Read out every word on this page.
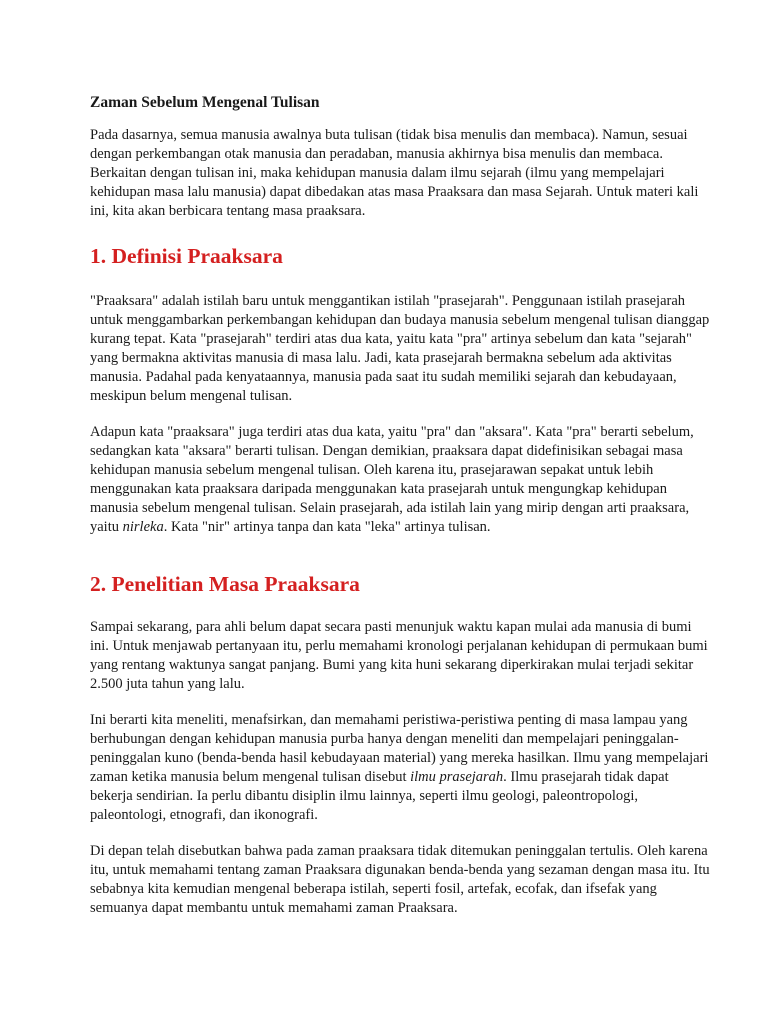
Zaman Sebelum Mengenal Tulisan

Pada dasarnya, semua manusia awalnya buta tulisan (tidak bisa menulis dan membaca). Namun, sesuai dengan perkembangan otak manusia dan peradaban, manusia akhirnya bisa menulis dan membaca. Berkaitan dengan tulisan ini, maka kehidupan manusia dalam ilmu sejarah (ilmu yang mempelajari kehidupan masa lalu manusia) dapat dibedakan atas masa Praaksara dan masa Sejarah. Untuk materi kali ini, kita akan berbicara tentang masa praaksara.

1. Definisi Praaksara

"Praaksara" adalah istilah baru untuk menggantikan istilah "prasejarah". Penggunaan istilah prasejarah untuk menggambarkan perkembangan kehidupan dan budaya manusia sebelum mengenal tulisan dianggap kurang tepat. Kata "prasejarah" terdiri atas dua kata, yaitu kata "pra" artinya sebelum dan kata "sejarah" yang bermakna aktivitas manusia di masa lalu. Jadi, kata prasejarah bermakna sebelum ada aktivitas manusia. Padahal pada kenyataannya, manusia pada saat itu sudah memiliki sejarah dan kebudayaan, meskipun belum mengenal tulisan.

Adapun kata "praaksara" juga terdiri atas dua kata, yaitu "pra" dan "aksara". Kata "pra" berarti sebelum, sedangkan kata "aksara" berarti tulisan. Dengan demikian, praaksara dapat didefinisikan sebagai masa kehidupan manusia sebelum mengenal tulisan. Oleh karena itu, prasejarawan sepakat untuk lebih menggunakan kata praaksara daripada menggunakan kata prasejarah untuk mengungkap kehidupan manusia sebelum mengenal tulisan. Selain prasejarah, ada istilah lain yang mirip dengan arti praaksara, yaitu nirleka. Kata "nir" artinya tanpa dan kata "leka" artinya tulisan.

2. Penelitian Masa Praaksara

Sampai sekarang, para ahli belum dapat secara pasti menunjuk waktu kapan mulai ada manusia di bumi ini. Untuk menjawab pertanyaan itu, perlu memahami kronologi perjalanan kehidupan di permukaan bumi yang rentang waktunya sangat panjang. Bumi yang kita huni sekarang diperkirakan mulai terjadi sekitar 2.500 juta tahun yang lalu.

Ini berarti kita meneliti, menafsirkan, dan memahami peristiwa-peristiwa penting di masa lampau yang berhubungan dengan kehidupan manusia purba hanya dengan meneliti dan mempelajari peninggalan-peninggalan kuno (benda-benda hasil kebudayaan material) yang mereka hasilkan. Ilmu yang mempelajari zaman ketika manusia belum mengenal tulisan disebut ilmu prasejarah. Ilmu prasejarah tidak dapat bekerja sendirian. Ia perlu dibantu disiplin ilmu lainnya, seperti ilmu geologi, paleontropologi, paleontologi, etnografi, dan ikonografi.

Di depan telah disebutkan bahwa pada zaman praaksara tidak ditemukan peninggalan tertulis. Oleh karena itu, untuk memahami tentang zaman Praaksara digunakan benda-benda yang sezaman dengan masa itu. Itu sebabnya kita kemudian mengenal beberapa istilah, seperti fosil, artefak, ecofak, dan ifsefak yang semuanya dapat membantu untuk memahami zaman Praaksara.
